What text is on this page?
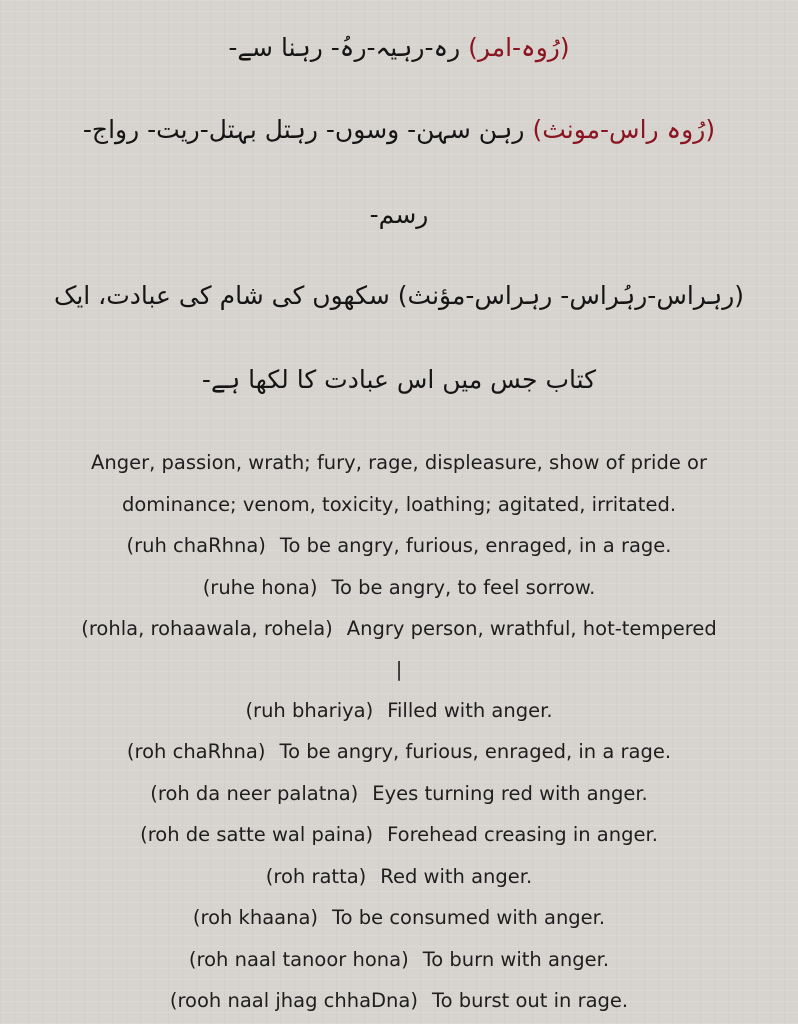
(رُوہ-امر) رہ-رہیہ-رہُ- رہنا سے-
(رُوہ راس-مونث) رہن سہن- وسوں- رہتل بہتل-ریت- رواج-
رسم-
(رہراس-رہُراس- رہراس-مؤنث) سکھوں کی شام کی عبادت، ایک
کتاب جس میں اس عبادت کا لکھا ہے-
Anger, passion, wrath; fury, rage, displeasure, show of pride or
dominance; venom, toxicity, loathing; agitated, irritated.
(ruh chaRhna) To be angry, furious, enraged, in a rage.
(ruhe hona) To be angry, to feel sorrow.
(rohla, rohaawala, rohela) Angry person, wrathful, hot-tempered
|
(ruh bhariya) Filled with anger.
(roh chaRhna) To be angry, furious, enraged, in a rage.
(roh da neer palatna) Eyes turning red with anger.
(roh de satte wal paina) Forehead creasing in anger.
(roh ratta) Red with anger.
(roh khaana) To be consumed with anger.
(roh naal tanoor hona) To burn with anger.
(rooh naal jhag chhaDna) To burst out in rage.
